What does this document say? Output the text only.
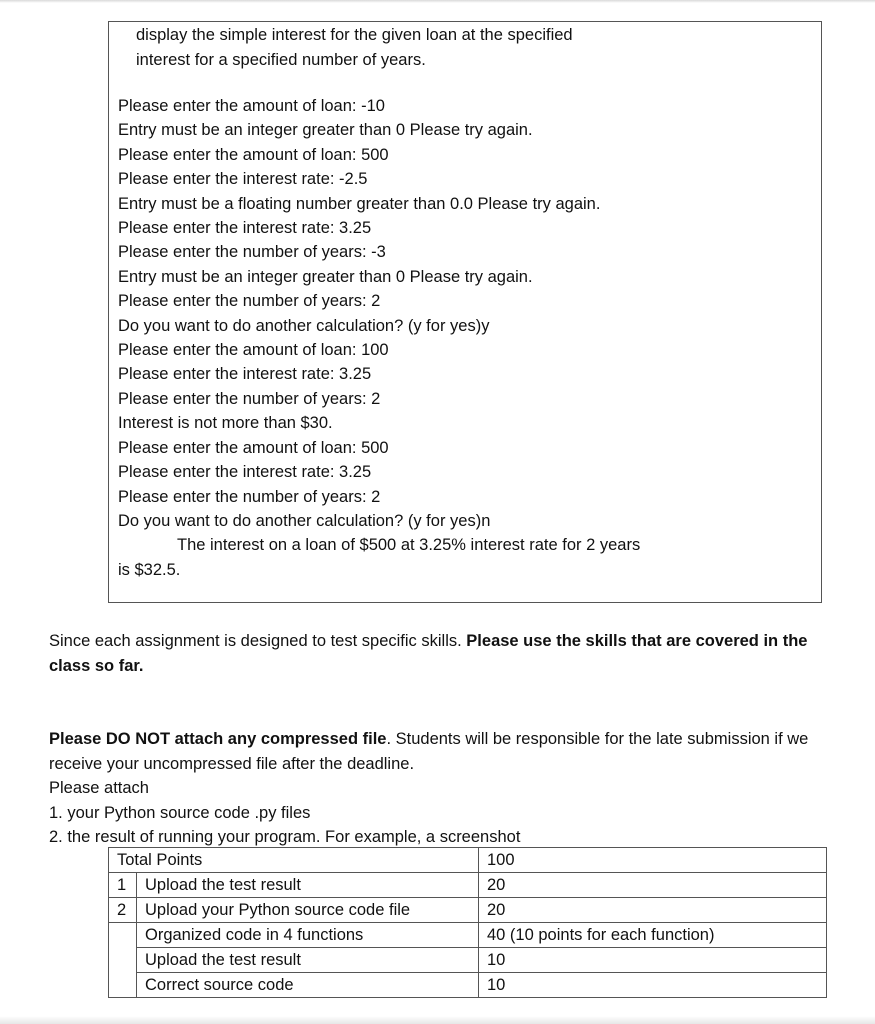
display the simple interest for the given loan at the specified
interest for a specified number of years.
Please enter the amount of loan: -10
Entry must be an integer greater than 0 Please try again.
Please enter the amount of loan: 500
Please enter the interest rate: -2.5
Entry must be a floating number greater than 0.0 Please try again.
Please enter the interest rate: 3.25
Please enter the number of years: -3
Entry must be an integer greater than 0 Please try again.
Please enter the number of years: 2
Do you want to do another calculation? (y for yes)y
Please enter the amount of loan: 100
Please enter the interest rate: 3.25
Please enter the number of years: 2
Interest is not more than $30.
Please enter the amount of loan: 500
Please enter the interest rate: 3.25
Please enter the number of years: 2
Do you want to do another calculation? (y for yes)n
The interest on a loan of $500 at 3.25% interest rate for 2 years
is $32.5.

Since each assignment is designed to test specific skills. Please use the skills that are covered in the class so far.

Please DO NOT attach any compressed file. Students will be responsible for the late submission if we receive your uncompressed file after the deadline.

Please attach

1. your Python source code .py files

2. the result of running your program. For example, a screenshot

Total Points		100
1	Upload the test result	20
2	Upload your Python source code file	20
	Organized code in 4 functions	40 (10 points for each function)
	Upload the test result	10
	Correct source code	10
